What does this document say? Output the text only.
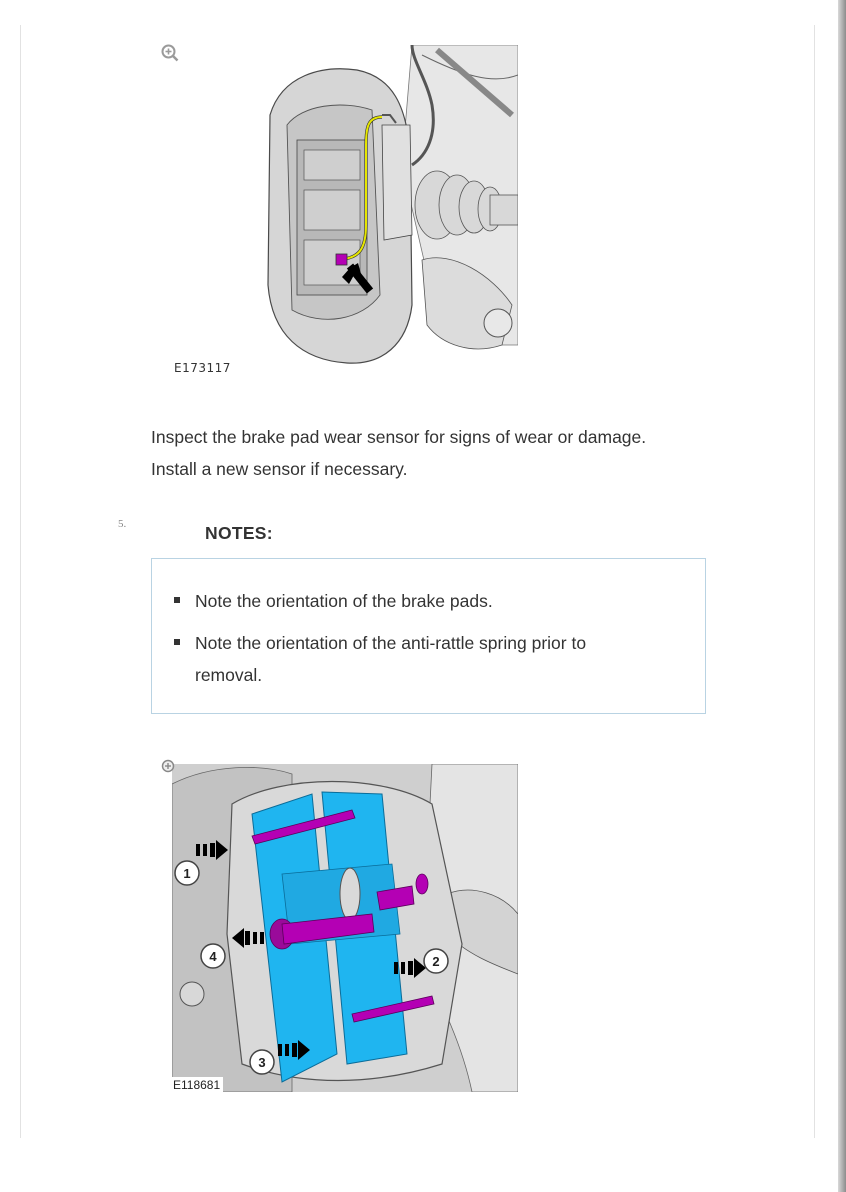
E173117
Inspect the brake pad wear sensor for signs of wear or damage.
Install a new sensor if necessary.
5.	NOTES:
Note the orientation of the brake pads.
Note the orientation of the anti-rattle spring prior to removal.
1
4	2
3
E118681
